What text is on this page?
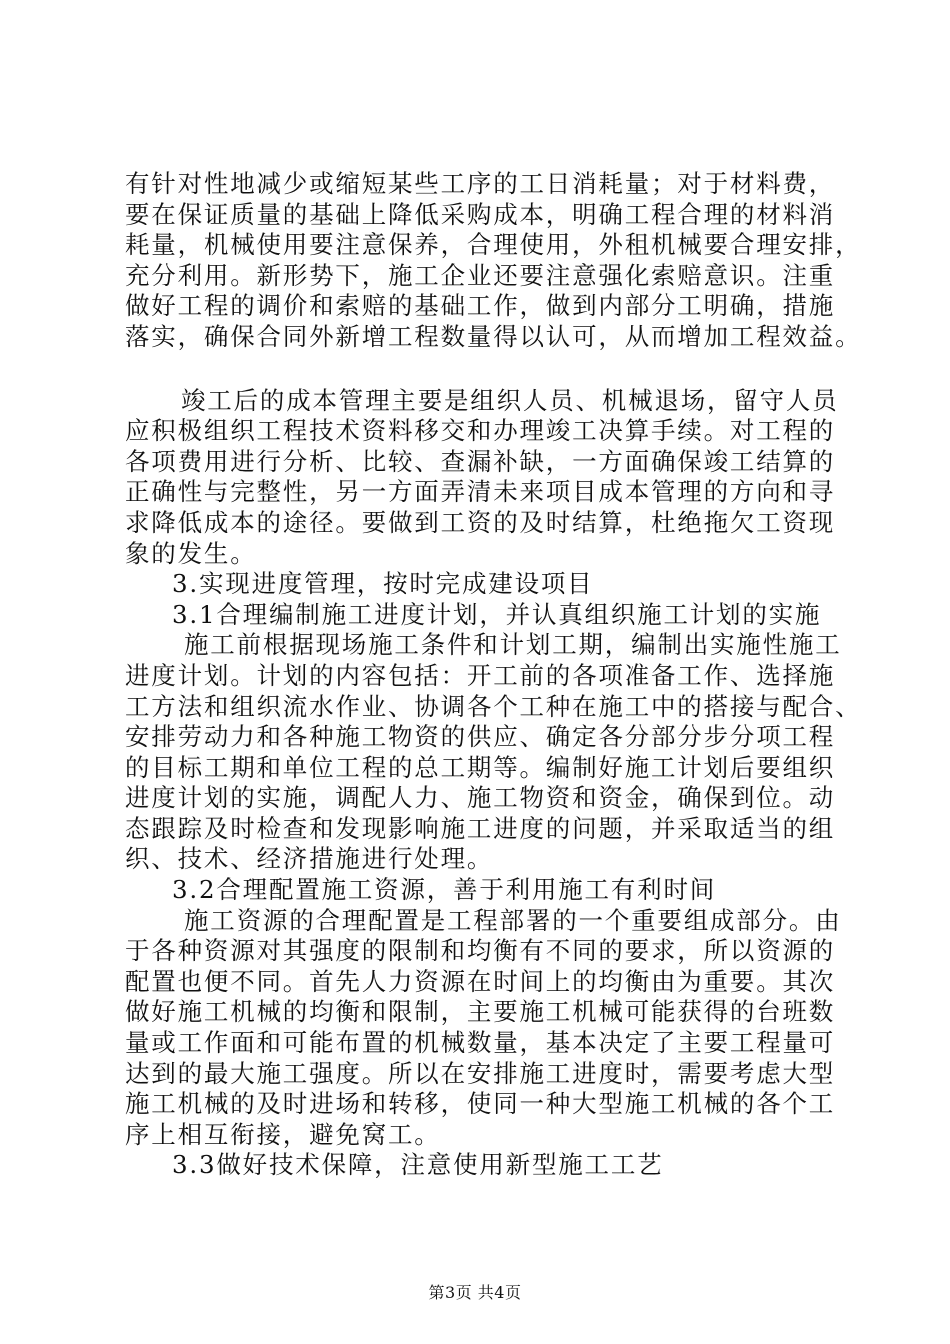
有针对性地减少或缩短某些工序的工日消耗量；对于材料费，
要在保证质量的基础上降低采购成本，明确工程合理的材料消
耗量，机械使用要注意保养，合理使用，外租机械要合理安排，
充分利用。新形势下，施工企业还要注意强化索赔意识。注重
做好工程的调价和索赔的基础工作，做到内部分工明确，措施
落实，确保合同外新增工程数量得以认可，从而增加工程效益。
竣工后的成本管理主要是组织人员、机械退场，留守人员
应积极组织工程技术资料移交和办理竣工决算手续。对工程的
各项费用进行分析、比较、查漏补缺，一方面确保竣工结算的
正确性与完整性，另一方面弄清未来项目成本管理的方向和寻
求降低成本的途径。要做到工资的及时结算，杜绝拖欠工资现
象的发生。
3.实现进度管理，按时完成建设项目
3.1合理编制施工进度计划，并认真组织施工计划的实施
施工前根据现场施工条件和计划工期，编制出实施性施工
进度计划。计划的内容包括：开工前的各项准备工作、选择施
工方法和组织流水作业、协调各个工种在施工中的搭接与配合、
安排劳动力和各种施工物资的供应、确定各分部分步分项工程
的目标工期和单位工程的总工期等。编制好施工计划后要组织
进度计划的实施，调配人力、施工物资和资金，确保到位。动
态跟踪及时检查和发现影响施工进度的问题，并采取适当的组
织、技术、经济措施进行处理。
3.2合理配置施工资源，善于利用施工有利时间
施工资源的合理配置是工程部署的一个重要组成部分。由
于各种资源对其强度的限制和均衡有不同的要求，所以资源的
配置也便不同。首先人力资源在时间上的均衡由为重要。其次
做好施工机械的均衡和限制，主要施工机械可能获得的台班数
量或工作面和可能布置的机械数量，基本决定了主要工程量可
达到的最大施工强度。所以在安排施工进度时，需要考虑大型
施工机械的及时进场和转移，使同一种大型施工机械的各个工
序上相互衔接，避免窝工。
3.3做好技术保障，注意使用新型施工工艺
第3页 共4页
